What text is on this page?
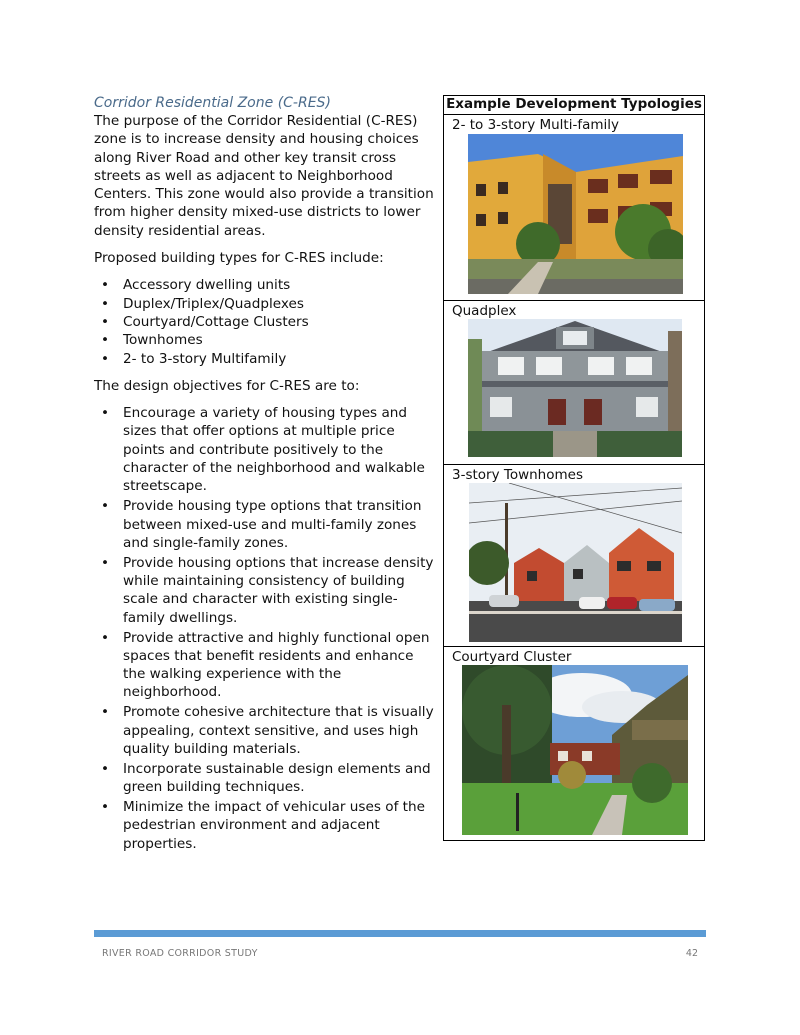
Corridor Residential Zone (C-RES)

The purpose of the Corridor Residential (C-RES) zone is to increase density and housing choices along River Road and other key transit cross streets as well as adjacent to Neighborhood Centers. This zone would also provide a transition from higher density mixed-use districts to lower density residential areas.

Proposed building types for C-RES include:

• Accessory dwelling units
• Duplex/Triplex/Quadplexes
• Courtyard/Cottage Clusters
• Townhomes
• 2- to 3-story Multifamily

The design objectives for C-RES are to:

• Encourage a variety of housing types and sizes that offer options at multiple price points and contribute positively to the character of the neighborhood and walkable streetscape.
• Provide housing type options that transition between mixed-use and multi-family zones and single-family zones.
• Provide housing options that increase density while maintaining consistency of building scale and character with existing single-family dwellings.
• Provide attractive and highly functional open spaces that benefit residents and enhance the walking experience with the neighborhood.
• Promote cohesive architecture that is visually appealing, context sensitive, and uses high quality building materials.
• Incorporate sustainable design elements and green building techniques.
• Minimize the impact of vehicular uses of the pedestrian environment and adjacent properties.
Example Development Typologies
2- to 3-story Multi-family
Quadplex
3-story Townhomes
Courtyard Cluster
RIVER ROAD CORRIDOR STUDY	42
